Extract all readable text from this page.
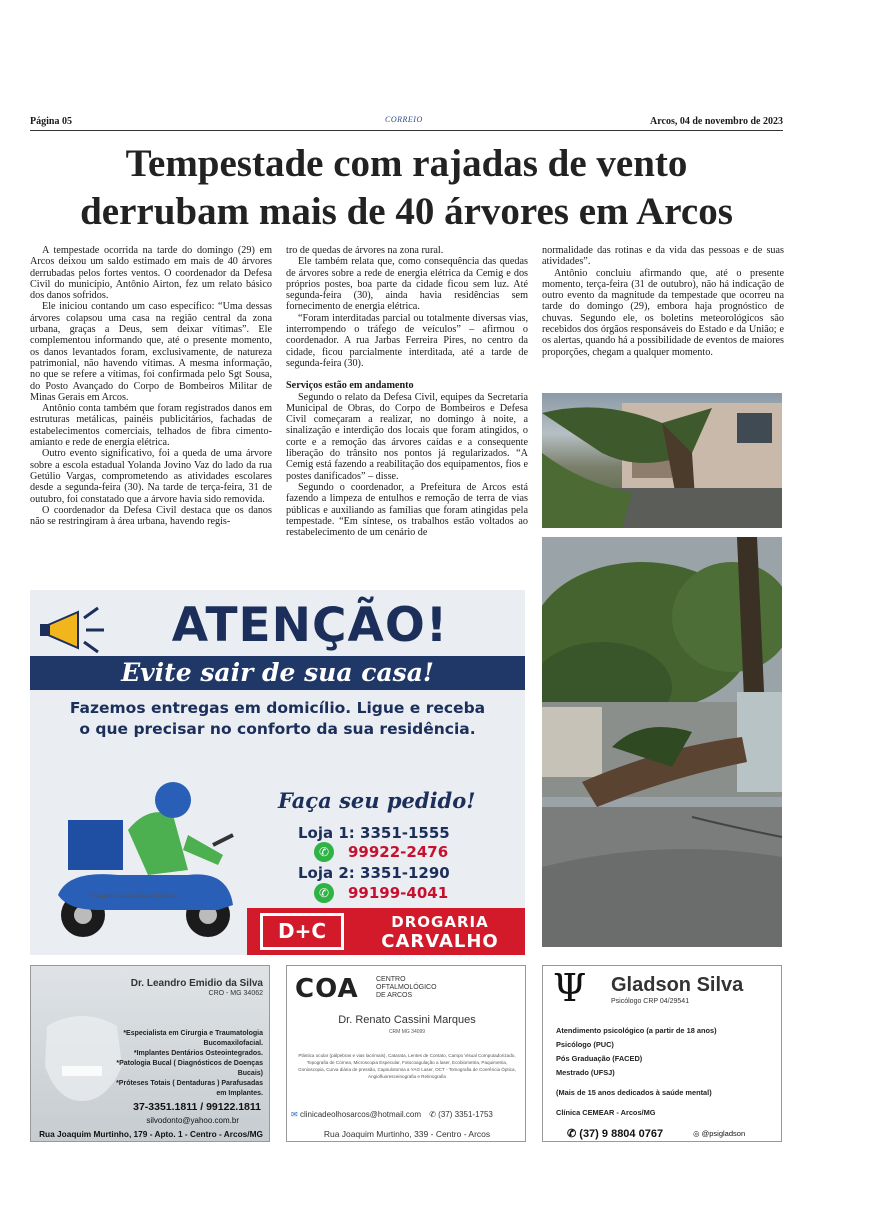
Página 05	CORREIO	Arcos, 04 de novembro de 2023
Tempestade com rajadas de vento
derrubam mais de 40 árvores em Arcos

A tempestade ocorrida na tarde do domingo (29) em Arcos deixou um saldo estimado em mais de 40 árvores derrubadas pelos fortes ventos. O coordenador da Defesa Civil do município, Antônio Airton, fez um relato básico dos danos sofridos.

Ele iniciou contando um caso específico: “Uma dessas árvores colapsou uma casa na região central da zona urbana, graças a Deus, sem deixar vítimas”. Ele complementou informando que, até o presente momento, os danos levantados foram, exclusivamente, de natureza patrimonial, não havendo vítimas. A mesma informação, no que se refere a vítimas, foi confirmada pelo Sgt Sousa, do Posto Avançado do Corpo de Bombeiros Militar de Minas Gerais em Arcos.

Antônio conta também que foram registrados danos em estruturas metálicas, painéis publicitários, fachadas de estabelecimentos comerciais, telhados de fibra cimento-amianto e rede de energia elétrica.

Outro evento significativo, foi a queda de uma árvore sobre a escola estadual Yolanda Jovino Vaz do lado da rua Getúlio Vargas, comprometendo as atividades escolares desde a segunda-feira (30). Na tarde de terça-feira, 31 de outubro, foi constatado que a árvore havia sido removida.

O coordenador da Defesa Civil destaca que os danos não se restringiram à área urbana, havendo regis-

tro de quedas de árvores na zona rural.

Ele também relata que, como consequência das quedas de árvores sobre a rede de energia elétrica da Cemig e dos próprios postes, boa parte da cidade ficou sem luz. Até segunda-feira (30), ainda havia residências sem fornecimento de energia elétrica.

“Foram interditadas parcial ou totalmente diversas vias, interrompendo o tráfego de veículos” – afirmou o coordenador. A rua Jarbas Ferreira Pires, no centro da cidade, ficou parcialmente interditada, até a tarde de segunda-feira (30).

Serviços estão em andamento

Segundo o relato da Defesa Civil, equipes da Secretaria Municipal de Obras, do Corpo de Bombeiros e Defesa Civil começaram a realizar, no domingo à noite, a sinalização e interdição dos locais que foram atingidos, o corte e a remoção das árvores caídas e a consequente liberação do trânsito nos pontos já regularizados. “A Cemig está fazendo a reabilitação dos equipamentos, fios e postes danificados” – disse.

Segundo o coordenador, a Prefeitura de Arcos está fazendo a limpeza de entulhos e remoção de terra de vias públicas e auxiliando as famílias que foram atingidas pela tempestade. “Em síntese, os trabalhos estão voltados ao restabelecimento de um cenário de

normalidade das rotinas e da vida das pessoas e de suas atividades”.

Antônio concluiu afirmando que, até o presente momento, terça-feira (31 de outubro), não há indicação de outro evento da magnitude da tempestade que ocorreu na tarde do domingo (29), embora haja prognóstico de chuvas. Segundo ele, os boletins meteorológicos são recebidos dos órgãos responsáveis do Estado e da União; e os alertas, quando há a possibilidade de eventos de maiores proporções, chegam a qualquer momento.

ATENÇÃO!
Evite sair de sua casa!
Fazemos entregas em domicílio. Ligue e receba
o que precisar no conforto da sua residência.
Faça seu pedido!
Loja 1: 3351-1555
✆	99922-2476
Loja 2: 3351-1290
✆	99199-4041
D+C	DROGARIA
CARVALHO
*imagens meramente ilustrativas
Dr. Leandro Emidio da Silva
CRO - MG 34062
*Especialista em Cirurgia e Traumatologia
Bucomaxilofacial.
*Implantes Dentários Osteointegrados.
*Patologia Bucal ( Diagnósticos de Doenças Bucais)
*Próteses Totais ( Dentaduras ) Parafusadas
em Implantes.
37-3351.1811 / 99122.1811
silvodonto@yahoo.com.br
Rua Joaquim Murtinho, 179 - Apto. 1 - Centro - Arcos/MG
COA CENTRO
OFTALMOLÓGICO
DE ARCOS
Dr. Renato Cassini Marques
CRM MG 34099
Plástica ocular (pálpebras e vias lacrimais), Catarata, Lentes de Contato, Campo Visual Computadorizado, Topografia de Córnea, Microscopia Especular, Fotocoagulação a laser, Ecobiometria, Paquimetria, Gonioscopia, Curva diária de pressão, Capsulotomia a YAG Laser, OCT - Tomografia de Coerência Óptica, Angiofluoresceinografia e Retinografia
✉ clinicadeolhosarcos@hotmail.com ✆ (37) 3351-1753
Rua Joaquim Murtinho, 339 - Centro - Arcos
Ψ Gladson Silva
Psicólogo CRP 04/29541
Atendimento psicológico (a partir de 18 anos)
Psicólogo (PUC)
Pós Graduação (FACED)
Mestrado (UFSJ)
(Mais de 15 anos dedicados à saúde mental)
Clínica CEMEAR - Arcos/MG
✆ (37) 9 8804 0767	◎ @psigladson
